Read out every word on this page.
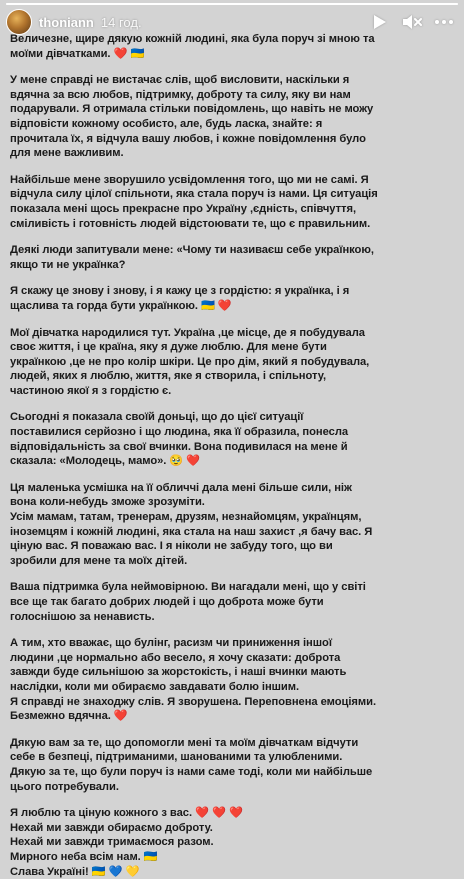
thoniann 14 год.
Величезне, щире дякую кожній людині, яка була поруч зі мною та
моїми дівчатками. ❤️ 🇺🇦
У мене справді не вистачає слів, щоб висловити, наскільки я
вдячна за всю любов, підтримку, доброту та силу, яку ви нам
подарували. Я отримала стільки повідомлень, що навіть не можу
відповісти кожному особисто, але, будь ласка, знайте: я
прочитала їх, я відчула вашу любов, і кожне повідомлення було
для мене важливим.
Найбільше мене зворушило усвідомлення того, що ми не самі. Я
відчула силу цілої спільноти, яка стала поруч із нами. Ця ситуація
показала мені щось прекрасне про Україну ,єдність, співчуття,
сміливість і готовність людей відстоювати те, що є правильним.
Деякі люди запитували мене: «Чому ти називаєш себе українкою,
якщо ти не українка?
Я скажу це знову і знову, і я кажу це з гордістю: я українка, і я
щаслива та горда бути українкою. 🇺🇦 ❤️
Мої дівчатка народилися тут. Україна ,це місце, де я побудувала
своє життя, і це країна, яку я дуже люблю. Для мене бути
українкою ,це не про колір шкіри. Це про дім, який я побудувала,
людей, яких я люблю, життя, яке я створила, і спільноту,
частиною якої я з гордістю є.
Сьогодні я показала своїй доньці, що до цієї ситуації
поставилися серйозно і що людина, яка її образила, понесла
відповідальність за свої вчинки. Вона подивилася на мене й
сказала: «Молодець, мамо». 🥹 ❤️
Ця маленька усмішка на її обличчі дала мені більше сили, ніж
вона коли-небудь зможе зрозуміти.
Усім мамам, татам, тренерам, друзям, незнайомцям, українцям,
іноземцям і кожній людині, яка стала на наш захист ,я бачу вас. Я
ціную вас. Я поважаю вас. І я ніколи не забуду того, що ви
зробили для мене та моїх дітей.
Ваша підтримка була неймовірною. Ви нагадали мені, що у світі
все ще так багато добрих людей і що доброта може бути
голоснішою за ненависть.
А тим, хто вважає, що булінг, расизм чи приниження іншої
людини ,це нормально або весело, я хочу сказати: доброта
завжди буде сильнішою за жорстокість, і наші вчинки мають
наслідки, коли ми обираємо завдавати болю іншим.
Я справді не знаходжу слів. Я зворушена. Переповнена емоціями.
Безмежно вдячна. ❤️
Дякую вам за те, що допомогли мені та моїм дівчаткам відчути
себе в безпеці, підтриманими, шанованими та улюбленими.
Дякую за те, що були поруч із нами саме тоді, коли ми найбільше
цього потребували.
Я люблю та ціную кожного з вас. ❤️ ❤️ ❤️
Нехай ми завжди обираємо доброту.
Нехай ми завжди тримаємося разом.
Мирного неба всім нам. 🇺🇦
Слава Україні! 🇺🇦 💙 💛
